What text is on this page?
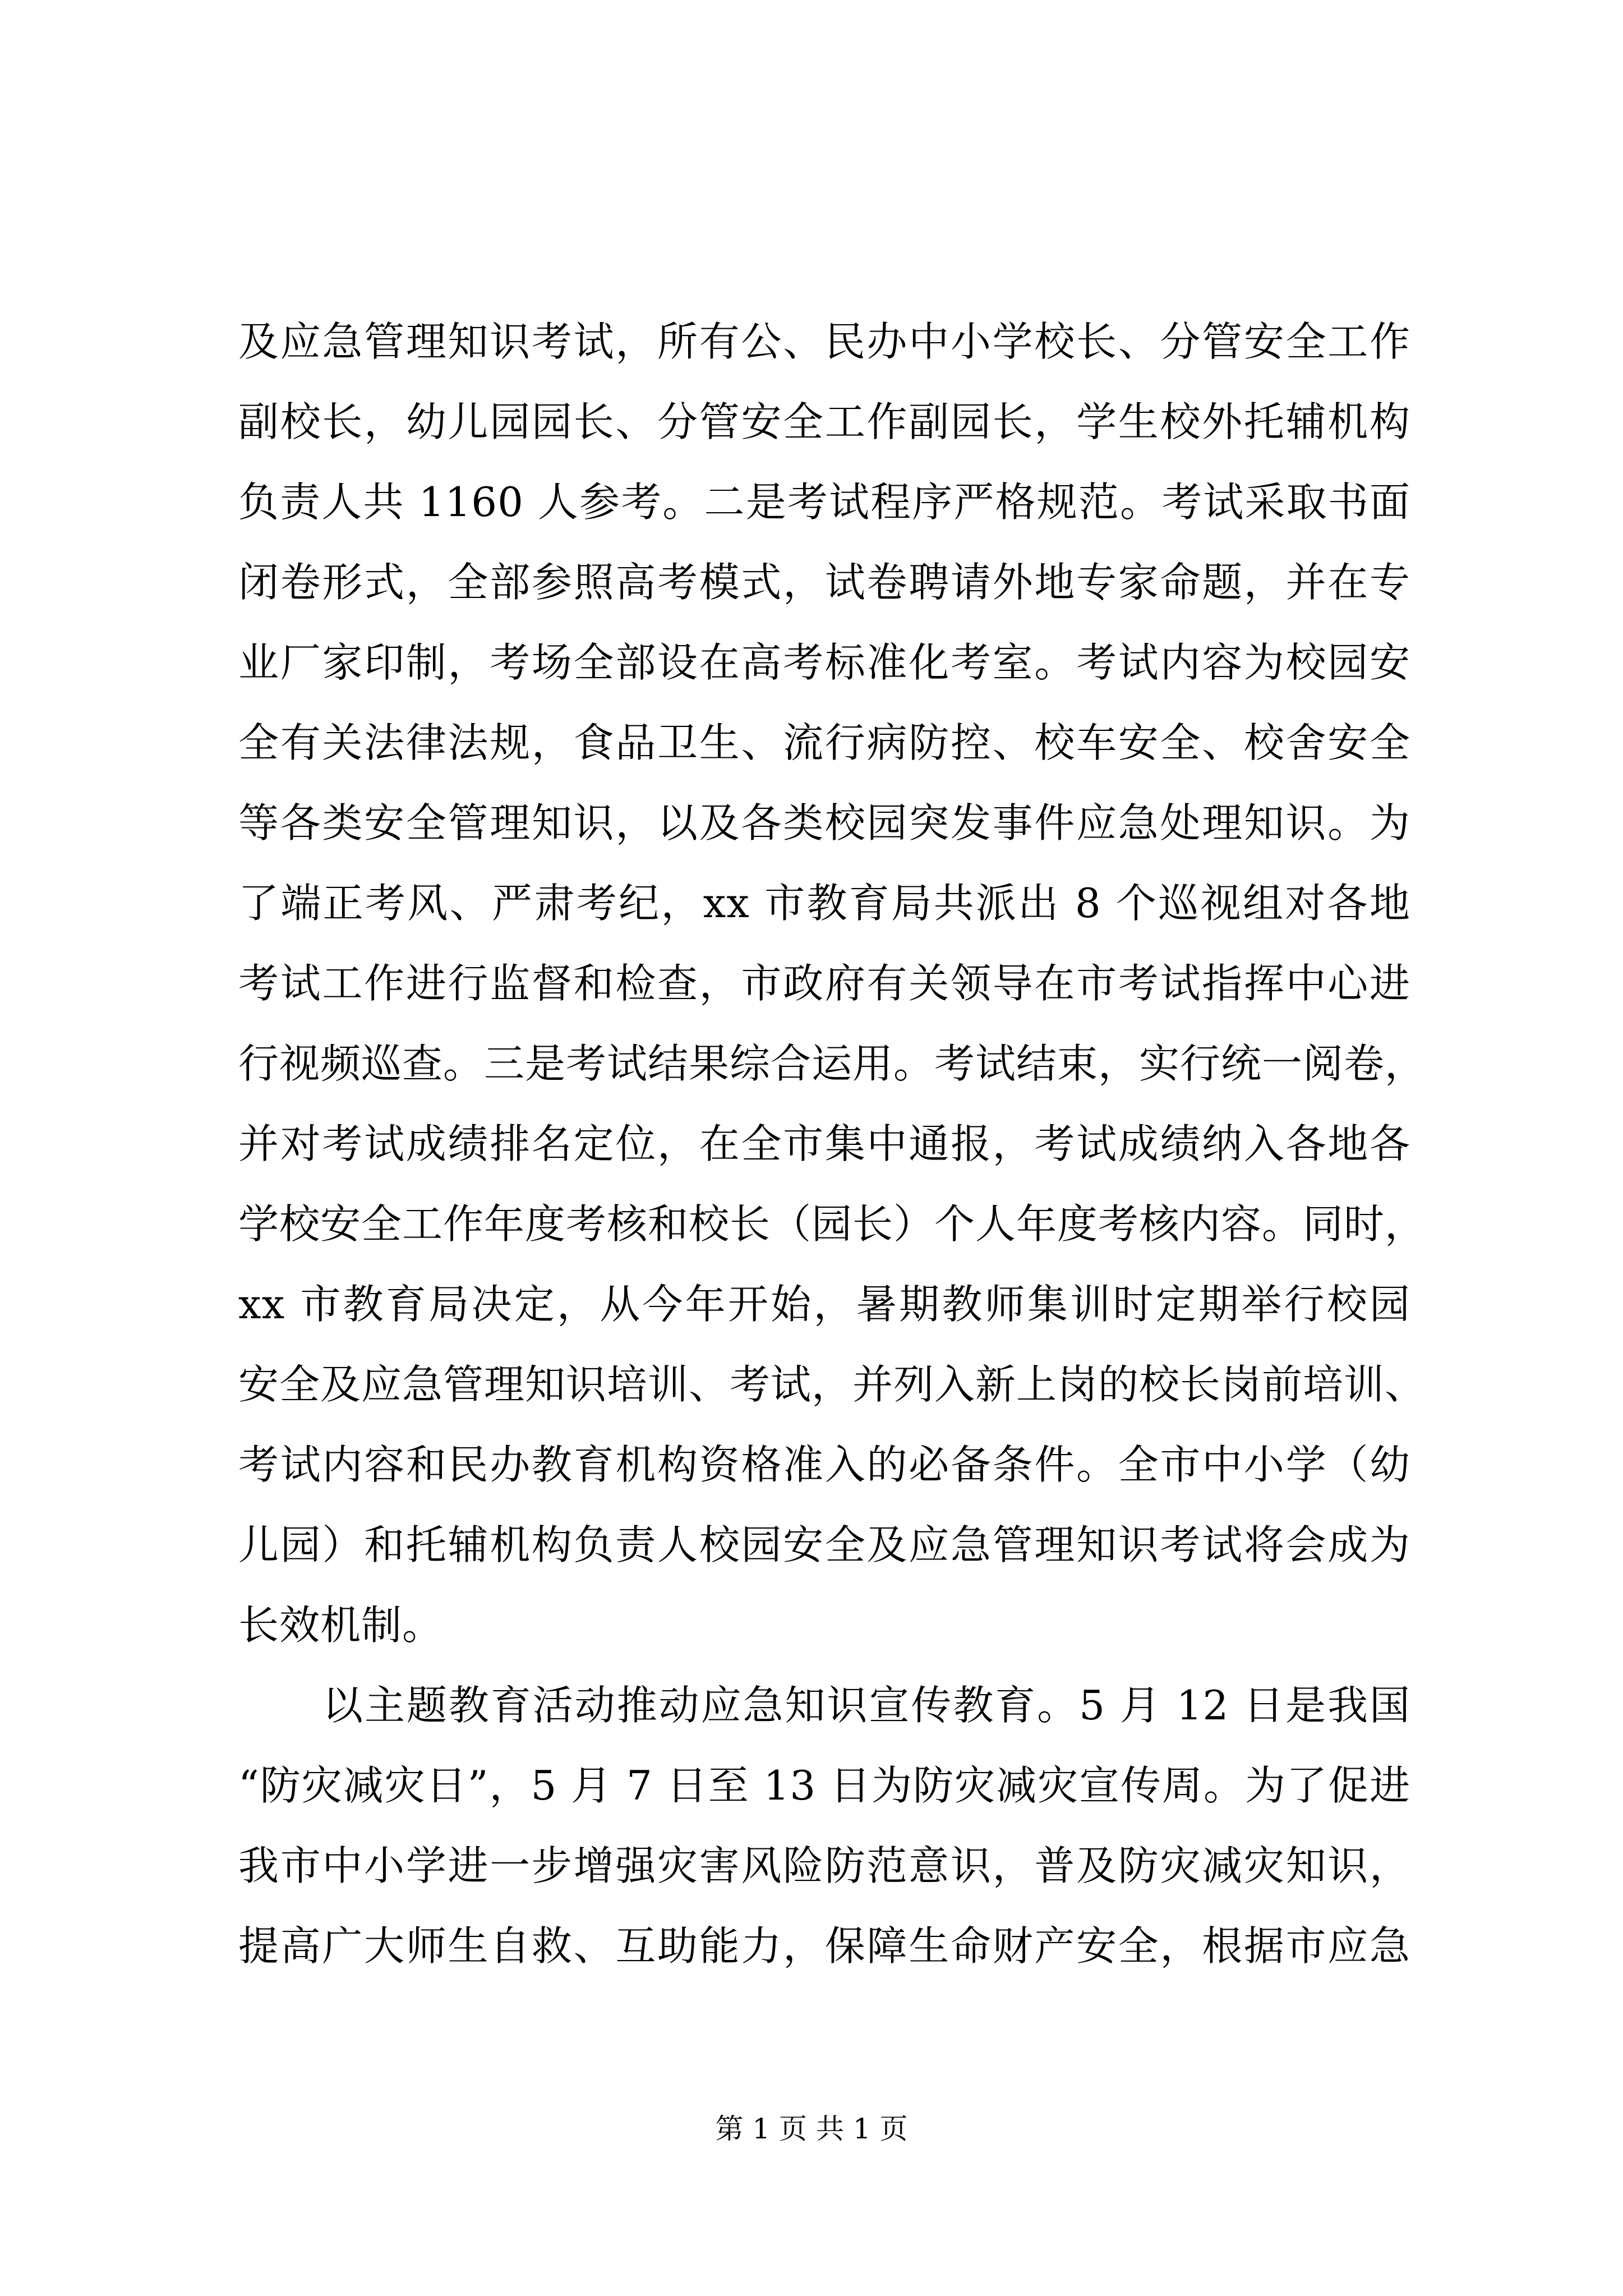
及应急管理知识考试，所有公、民办中小学校长、分管安全工作
副校长，幼儿园园长、分管安全工作副园长，学生校外托辅机构
负责人共 1160 人参考。二是考试程序严格规范。考试采取书面
闭卷形式，全部参照高考模式，试卷聘请外地专家命题，并在专
业厂家印制，考场全部设在高考标准化考室。考试内容为校园安
全有关法律法规，食品卫生、流行病防控、校车安全、校舍安全
等各类安全管理知识，以及各类校园突发事件应急处理知识。为
了端正考风、严肃考纪，xx 市教育局共派出 8 个巡视组对各地
考试工作进行监督和检查，市政府有关领导在市考试指挥中心进
行视频巡查。三是考试结果综合运用。考试结束，实行统一阅卷，
并对考试成绩排名定位，在全市集中通报，考试成绩纳入各地各
学校安全工作年度考核和校长（园长）个人年度考核内容。同时，
xx 市教育局决定，从今年开始，暑期教师集训时定期举行校园
安全及应急管理知识培训、考试，并列入新上岗的校长岗前培训、
考试内容和民办教育机构资格准入的必备条件。全市中小学（幼
儿园）和托辅机构负责人校园安全及应急管理知识考试将会成为
长效机制。
以主题教育活动推动应急知识宣传教育。5 月 12 日是我国
“防灾减灾日”，5 月 7 日至 13 日为防灾减灾宣传周。为了促进
我市中小学进一步增强灾害风险防范意识，普及防灾减灾知识，
提高广大师生自救、互助能力，保障生命财产安全，根据市应急
第 1 页 共 1 页
